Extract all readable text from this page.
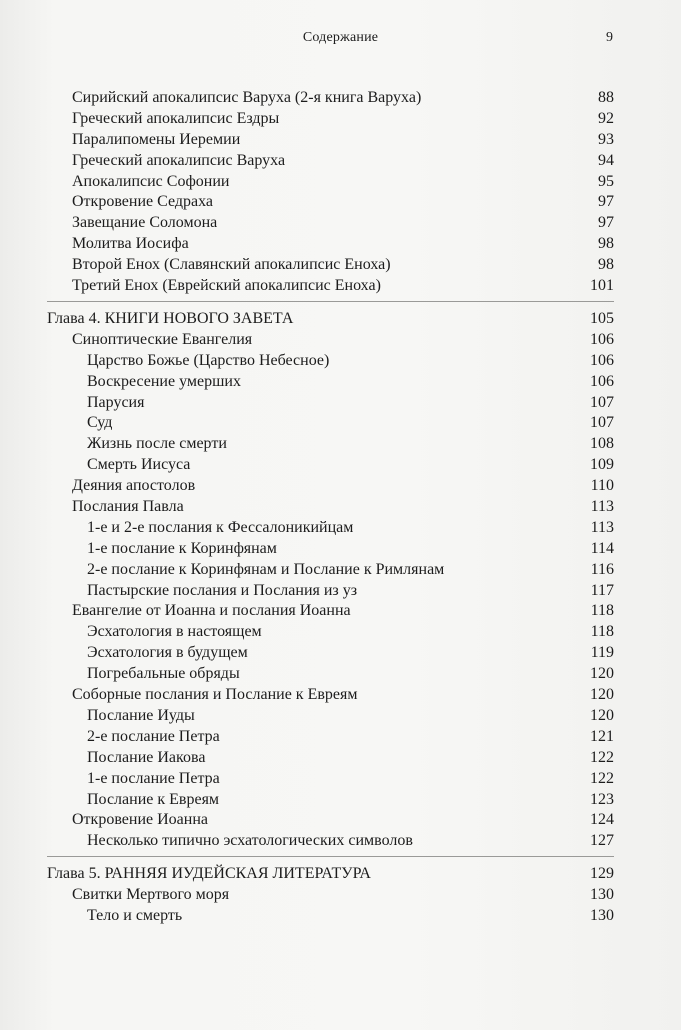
Содержание	9
Сирийский апокалипсис Варуха (2-я книга Варуха)	88
Греческий апокалипсис Ездры	92
Паралипомены Иеремии	93
Греческий апокалипсис Варуха	94
Апокалипсис Софонии	95
Откровение Седраха	97
Завещание Соломона	97
Молитва Иосифа	98
Второй Енох (Славянский апокалипсис Еноха)	98
Третий Енох (Еврейский апокалипсис Еноха)	101
Глава 4. КНИГИ НОВОГО ЗАВЕТА	105
Синоптические Евангелия	106
Царство Божье (Царство Небесное)	106
Воскресение умерших	106
Парусия	107
Суд	107
Жизнь после смерти	108
Смерть Иисуса	109
Деяния апостолов	110
Послания Павла	113
1-е и 2-е послания к Фессалоникийцам	113
1-е послание к Коринфянам	114
2-е послание к Коринфянам и Послание к Римлянам	116
Пастырские послания и Послания из уз	117
Евангелие от Иоанна и послания Иоанна	118
Эсхатология в настоящем	118
Эсхатология в будущем	119
Погребальные обряды	120
Соборные послания и Послание к Евреям	120
Послание Иуды	120
2-е послание Петра	121
Послание Иакова	122
1-е послание Петра	122
Послание к Евреям	123
Откровение Иоанна	124
Несколько типично эсхатологических символов	127
Глава 5. РАННЯЯ ИУДЕЙСКАЯ ЛИТЕРАТУРА	129
Свитки Мертвого моря	130
Тело и смерть	130
